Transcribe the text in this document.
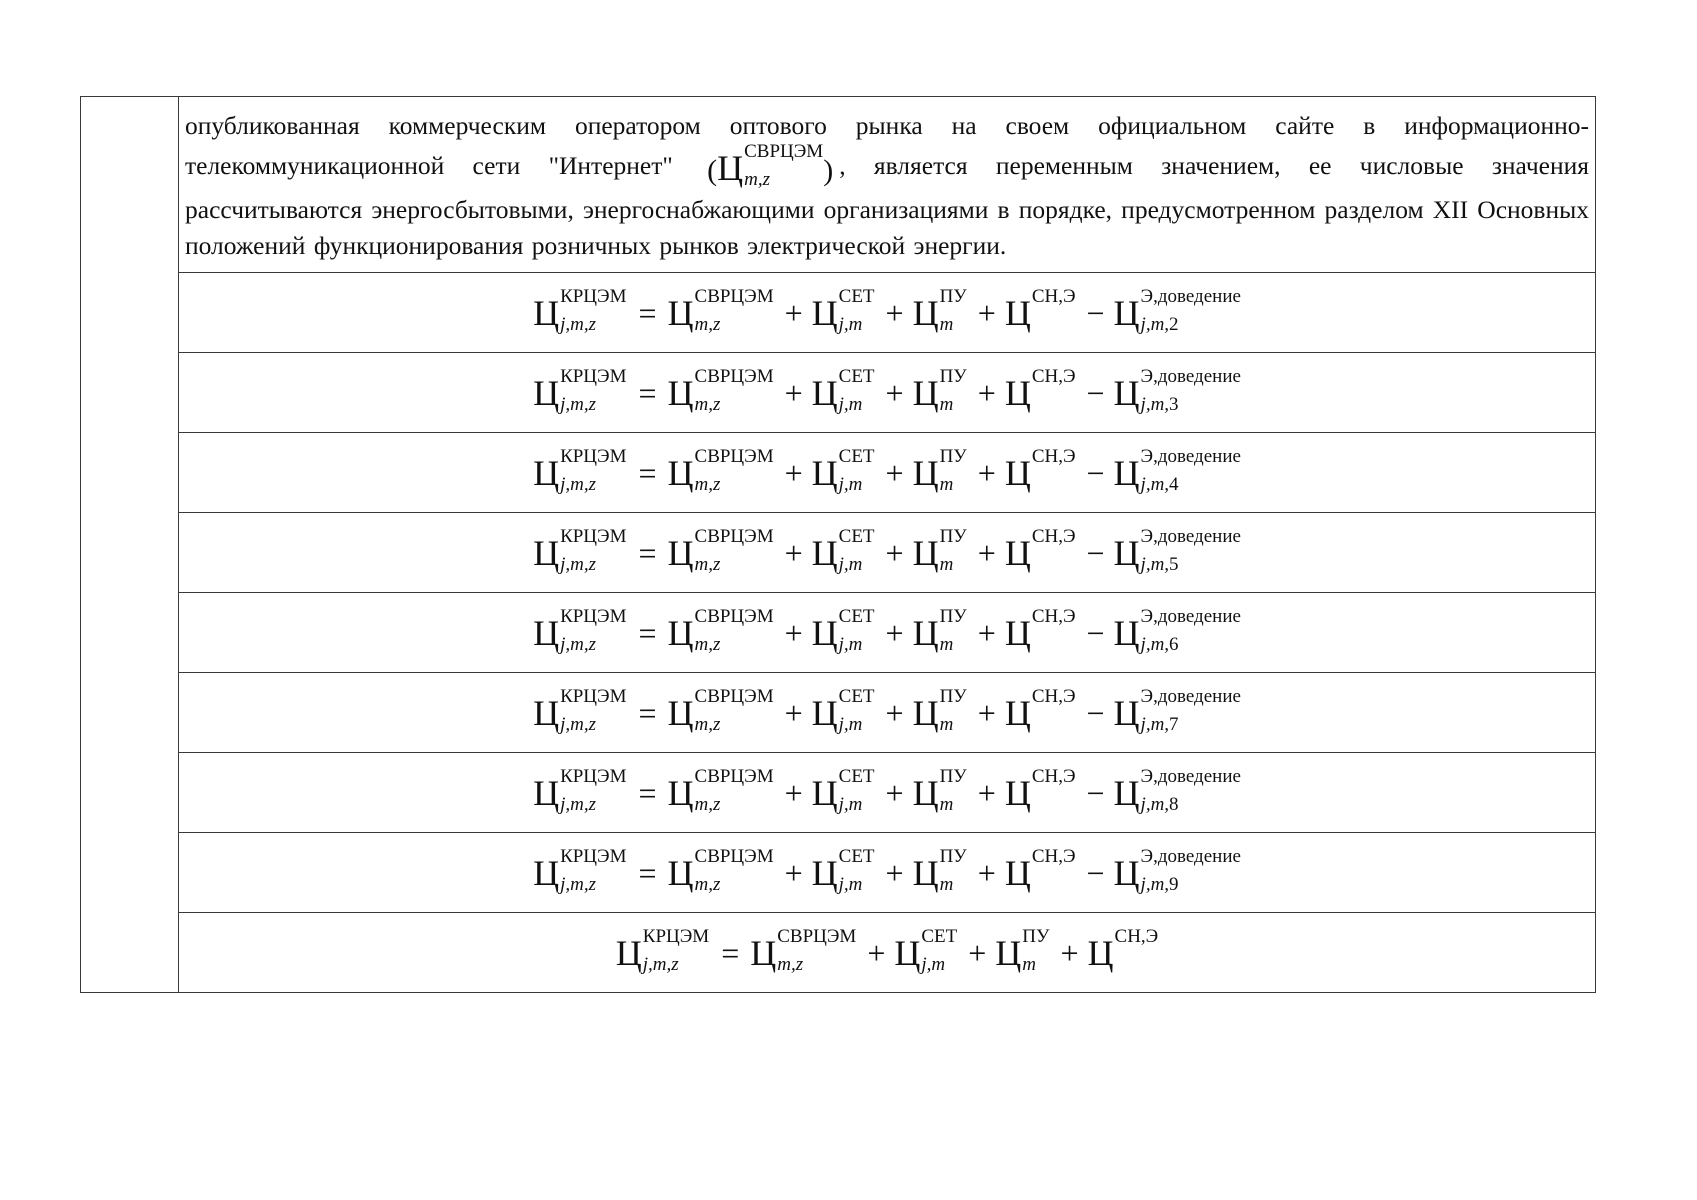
опубликованная коммерческим оператором оптового рынка на своем официальном сайте в информационно-телекоммуникационной сети "Интернет" ( Ц СВРЦЭМ
m,z	) , является переменным значением, ее числовые значения рассчитываются энергосбытовыми, энергоснабжающими организациями в порядке, предусмотренном разделом XII Основных положений функционирования розничных рынков электрической энергии.

Ц КРЦЭМ
j,m,z	= Ц СВРЦЭМ
m,z	+ Ц СЕТ
j,m + Ц ПУ
m + Ц СН,Э
− Ц Э,доведение
j,m,2

Ц КРЦЭМ
j,m,z	= Ц СВРЦЭМ
m,z	+ Ц СЕТ
j,m + Ц ПУ
m + Ц СН,Э
− Ц Э,доведение
j,m,3

Ц КРЦЭМ
j,m,z	= Ц СВРЦЭМ
m,z	+ Ц СЕТ
j,m + Ц ПУ
m + Ц СН,Э
− Ц Э,доведение
j,m,4

Ц КРЦЭМ
j,m,z	= Ц СВРЦЭМ
m,z	+ Ц СЕТ
j,m + Ц ПУ
m + Ц СН,Э
− Ц Э,доведение
j,m,5

Ц КРЦЭМ
j,m,z	= Ц СВРЦЭМ
m,z	+ Ц СЕТ
j,m + Ц ПУ
m + Ц СН,Э
− Ц Э,доведение
j,m,6

Ц КРЦЭМ
j,m,z	= Ц СВРЦЭМ
m,z	+ Ц СЕТ
j,m + Ц ПУ
m + Ц СН,Э
− Ц Э,доведение
j,m,7

Ц КРЦЭМ
j,m,z	= Ц СВРЦЭМ
m,z	+ Ц СЕТ
j,m + Ц ПУ
m + Ц СН,Э
− Ц Э,доведение
j,m,8

Ц КРЦЭМ
j,m,z	= Ц СВРЦЭМ
m,z	+ Ц СЕТ
j,m + Ц ПУ
m + Ц СН,Э
− Ц Э,доведение
j,m,9

Ц КРЦЭМ
j,m,z	= Ц СВРЦЭМ
m,z	+ Ц СЕТ
j,m + Ц ПУ
m + Ц СН,Э
